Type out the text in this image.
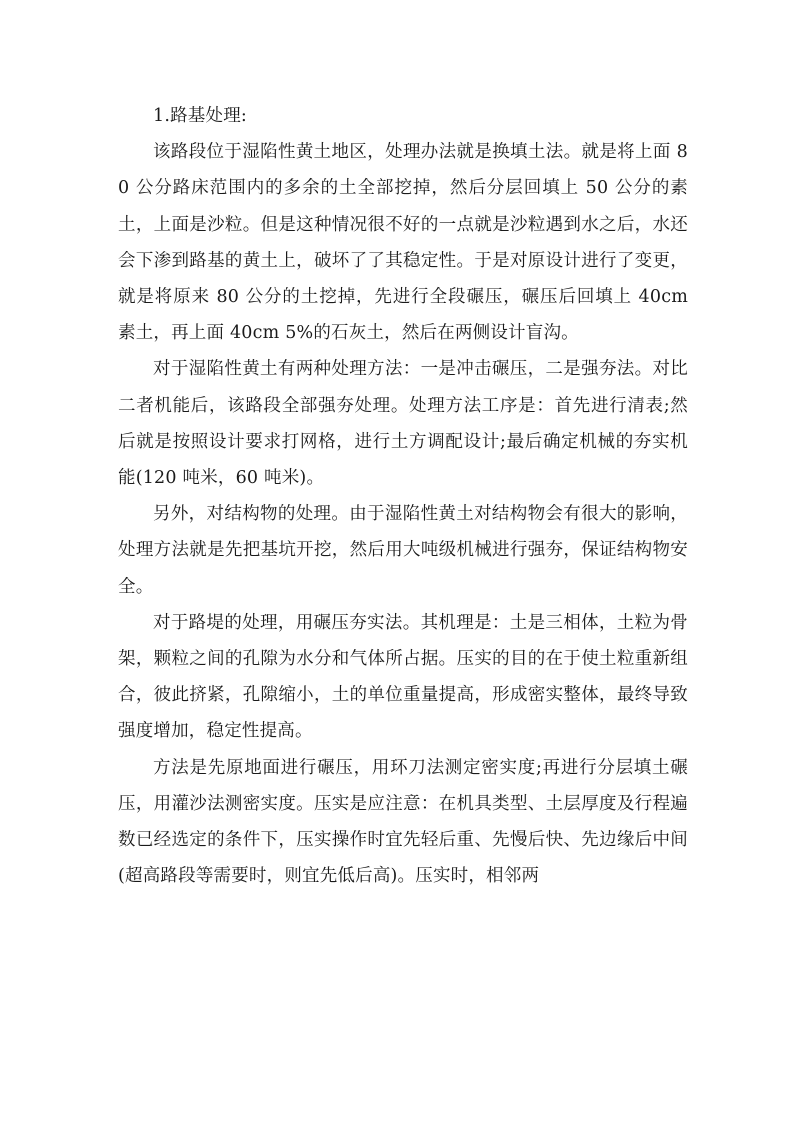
1.路基处理:

该路段位于湿陷性黄土地区，处理办法就是换填土法。就是将上面 80 公分路床范围内的多余的土全部挖掉，然后分层回填上 50 公分的素土，上面是沙粒。但是这种情况很不好的一点就是沙粒遇到水之后，水还会下渗到路基的黄土上，破坏了了其稳定性。于是对原设计进行了变更，就是将原来 80 公分的土挖掉，先进行全段碾压，碾压后回填上 40cm 素土，再上面 40cm 5%的石灰土，然后在两侧设计盲沟。

对于湿陷性黄土有两种处理方法：一是冲击碾压，二是强夯法。对比二者机能后，该路段全部强夯处理。处理方法工序是：首先进行清表;然后就是按照设计要求打网格，进行土方调配设计;最后确定机械的夯实机能(120 吨米，60 吨米)。

另外，对结构物的处理。由于湿陷性黄土对结构物会有很大的影响，处理方法就是先把基坑开挖，然后用大吨级机械进行强夯，保证结构物安全。

对于路堤的处理，用碾压夯实法。其机理是：土是三相体，土粒为骨架，颗粒之间的孔隙为水分和气体所占据。压实的目的在于使土粒重新组合，彼此挤紧，孔隙缩小，土的单位重量提高，形成密实整体，最终导致强度增加，稳定性提高。

方法是先原地面进行碾压，用环刀法测定密实度;再进行分层填土碾压，用灌沙法测密实度。压实是应注意：在机具类型、土层厚度及行程遍数已经选定的条件下，压实操作时宜先轻后重、先慢后快、先边缘后中间(超高路段等需要时，则宜先低后高)。压实时，相邻两
